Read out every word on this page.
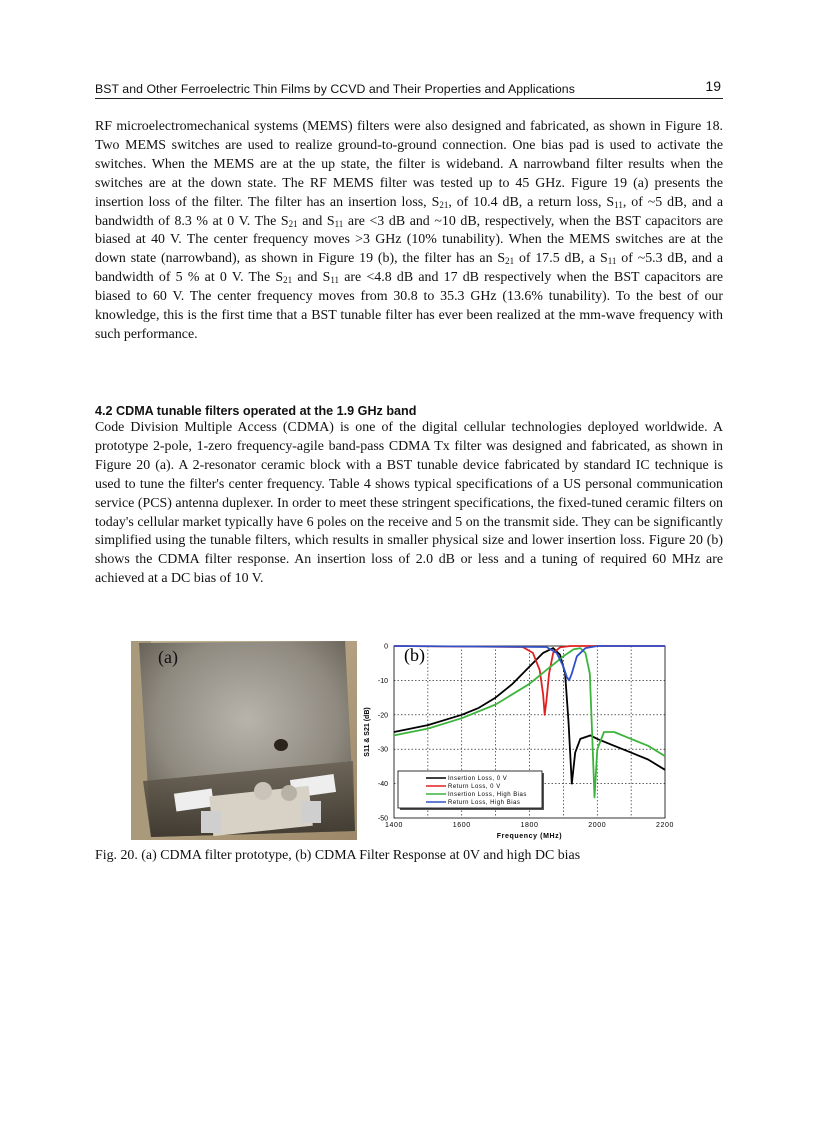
BST and Other Ferroelectric Thin Films by CCVD and Their Properties and Applications	19

RF microelectromechanical systems (MEMS) filters were also designed and fabricated, as shown in Figure 18. Two MEMS switches are used to realize ground-to-ground connection. One bias pad is used to activate the switches. When the MEMS are at the up state, the filter is wideband. A narrowband filter results when the switches are at the down state. The RF MEMS filter was tested up to 45 GHz. Figure 19 (a) presents the insertion loss of the filter. The filter has an insertion loss, $S_{21}$, of 10.4 dB, a return loss, $S_{11}$, of ~5 dB, and a bandwidth of 8.3 % at 0 V. The $S_{21}$ and $S_{11}$ are <3 dB and ~10 dB, respectively, when the BST capacitors are biased at 40 V. The center frequency moves >3 GHz (10% tunability). When the MEMS switches are at the down state (narrowband), as shown in Figure 19 (b), the filter has an $S_{21}$ of 17.5 dB, a $S_{11}$ of ~5.3 dB, and a bandwidth of 5 % at 0 V. The $S_{21}$ and $S_{11}$ are <4.8 dB and 17 dB respectively when the BST capacitors are biased to 60 V. The center frequency moves from 30.8 to 35.3 GHz (13.6% tunability). To the best of our knowledge, this is the first time that a BST tunable filter has ever been realized at the mm-wave frequency with such performance.

4.2 CDMA tunable filters operated at the 1.9 GHz band

Code Division Multiple Access (CDMA) is one of the digital cellular technologies deployed worldwide. A prototype 2-pole, 1-zero frequency-agile band-pass CDMA Tx filter was designed and fabricated, as shown in Figure 20 (a). A 2-resonator ceramic block with a BST tunable device fabricated by standard IC technique is used to tune the filter's center frequency. Table 4 shows typical specifications of a US personal communication service (PCS) antenna duplexer. In order to meet these stringent specifications, the fixed-tuned ceramic filters on today's cellular market typically have 6 poles on the receive and 5 on the transmit side. They can be significantly simplified using the tunable filters, which results in smaller physical size and lower insertion loss. Figure 20 (b) shows the CDMA filter response. An insertion loss of 2.0 dB or less and a tuning of required 60 MHz are achieved at a DC bias of 10 V.

(a)
1400	1600	1800	2000	2200
0
-10
-20
-30
-40
-50
Frequency (MHz)
S11 & S21 (dB)
(b)
Insertion Loss, 0 V
Return Loss, 0 V
Insertion Loss, High Bias
Return Loss, High Bias

Fig. 20. (a) CDMA filter prototype, (b) CDMA Filter Response at 0V and high DC bias
